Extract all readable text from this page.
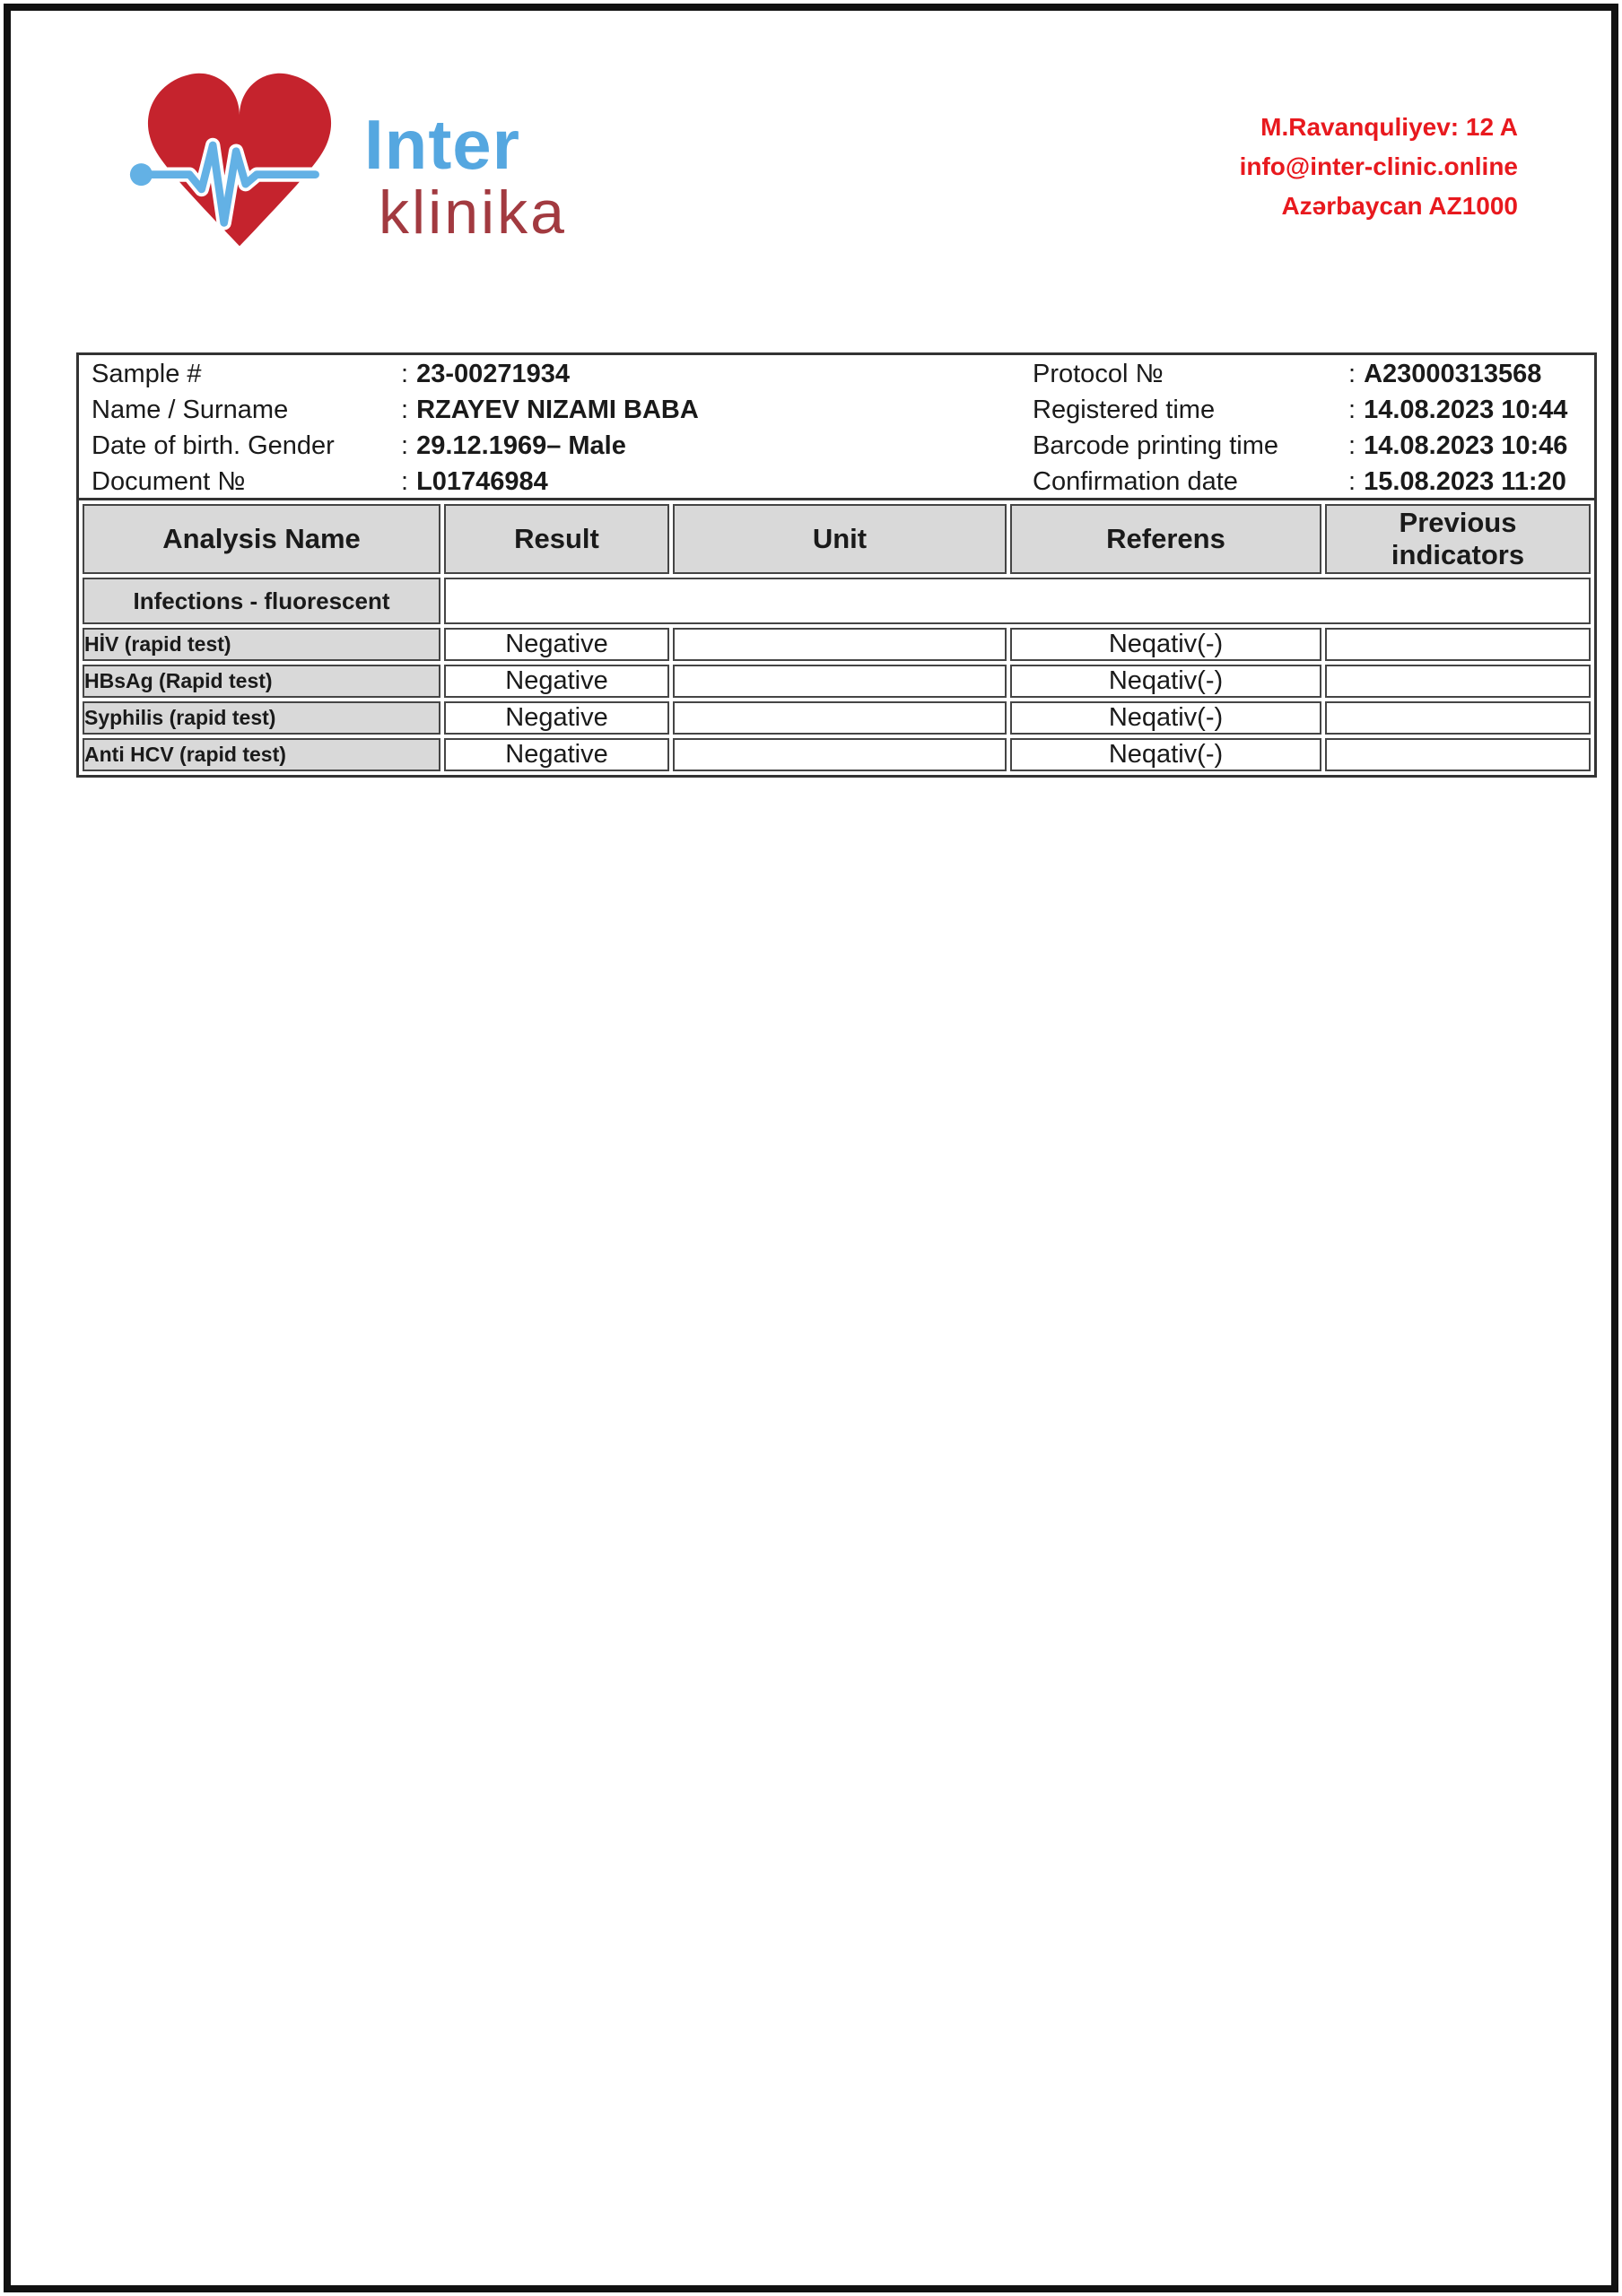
Inter
klinika
M.Ravanquliyev: 12 A
info@inter-clinic.online
Azərbaycan AZ1000
Sample #	: 23-00271934
Name / Surname	: RZAYEV NIZAMI BABA
Date of birth. Gender	: 29.12.1969– Male
Document №	: L01746984
Protocol №	: A23000313568
Registered time	: 14.08.2023 10:44
Barcode printing time	: 14.08.2023 10:46
Confirmation date	: 15.08.2023 11:20
Analysis Name	Result	Unit	Referens	Previous indicators
Infections - fluorescent				
HİV (rapid test)	Negative		Neqativ(-)	
HBsAg (Rapid test)	Negative		Neqativ(-)	
Syphilis (rapid test)	Negative		Neqativ(-)	
Anti HCV (rapid test)	Negative		Neqativ(-)	
